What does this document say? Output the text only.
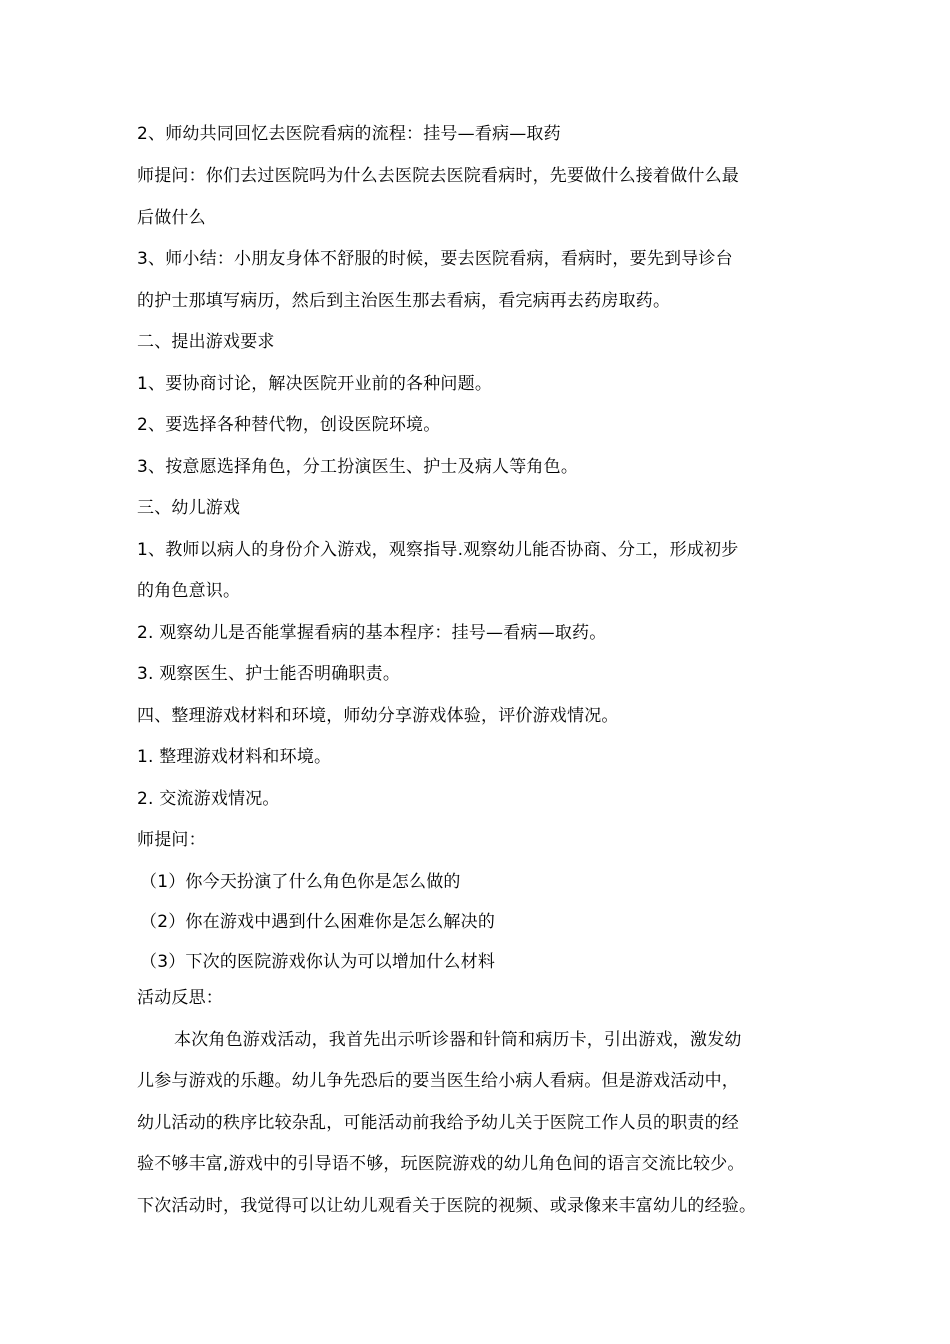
2、师幼共同回忆去医院看病的流程：挂号—看病—取药
师提问：你们去过医院吗为什么去医院去医院看病时，先要做什么接着做什么最
后做什么
3、师小结：小朋友身体不舒服的时候，要去医院看病，看病时，要先到导诊台
的护士那填写病历，然后到主治医生那去看病，看完病再去药房取药。
二、提出游戏要求
1、要协商讨论，解决医院开业前的各种问题。
2、要选择各种替代物，创设医院环境。
3、按意愿选择角色，分工扮演医生、护士及病人等角色。
三、幼儿游戏
1、教师以病人的身份介入游戏，观察指导.观察幼儿能否协商、分工，形成初步
的角色意识。
2. 观察幼儿是否能掌握看病的基本程序：挂号—看病—取药。
3. 观察医生、护士能否明确职责。
四、整理游戏材料和环境，师幼分享游戏体验，评价游戏情况。
1. 整理游戏材料和环境。
2. 交流游戏情况。
师提问：
（1）你今天扮演了什么角色你是怎么做的
（2）你在游戏中遇到什么困难你是怎么解决的
（3）下次的医院游戏你认为可以增加什么材料
活动反思：
本次角色游戏活动，我首先出示听诊器和针筒和病历卡，引出游戏，激发幼
儿参与游戏的乐趣。幼儿争先恐后的要当医生给小病人看病。但是游戏活动中，
幼儿活动的秩序比较杂乱，可能活动前我给予幼儿关于医院工作人员的职责的经
验不够丰富,游戏中的引导语不够，玩医院游戏的幼儿角色间的语言交流比较少。
下次活动时，我觉得可以让幼儿观看关于医院的视频、或录像来丰富幼儿的经验。
